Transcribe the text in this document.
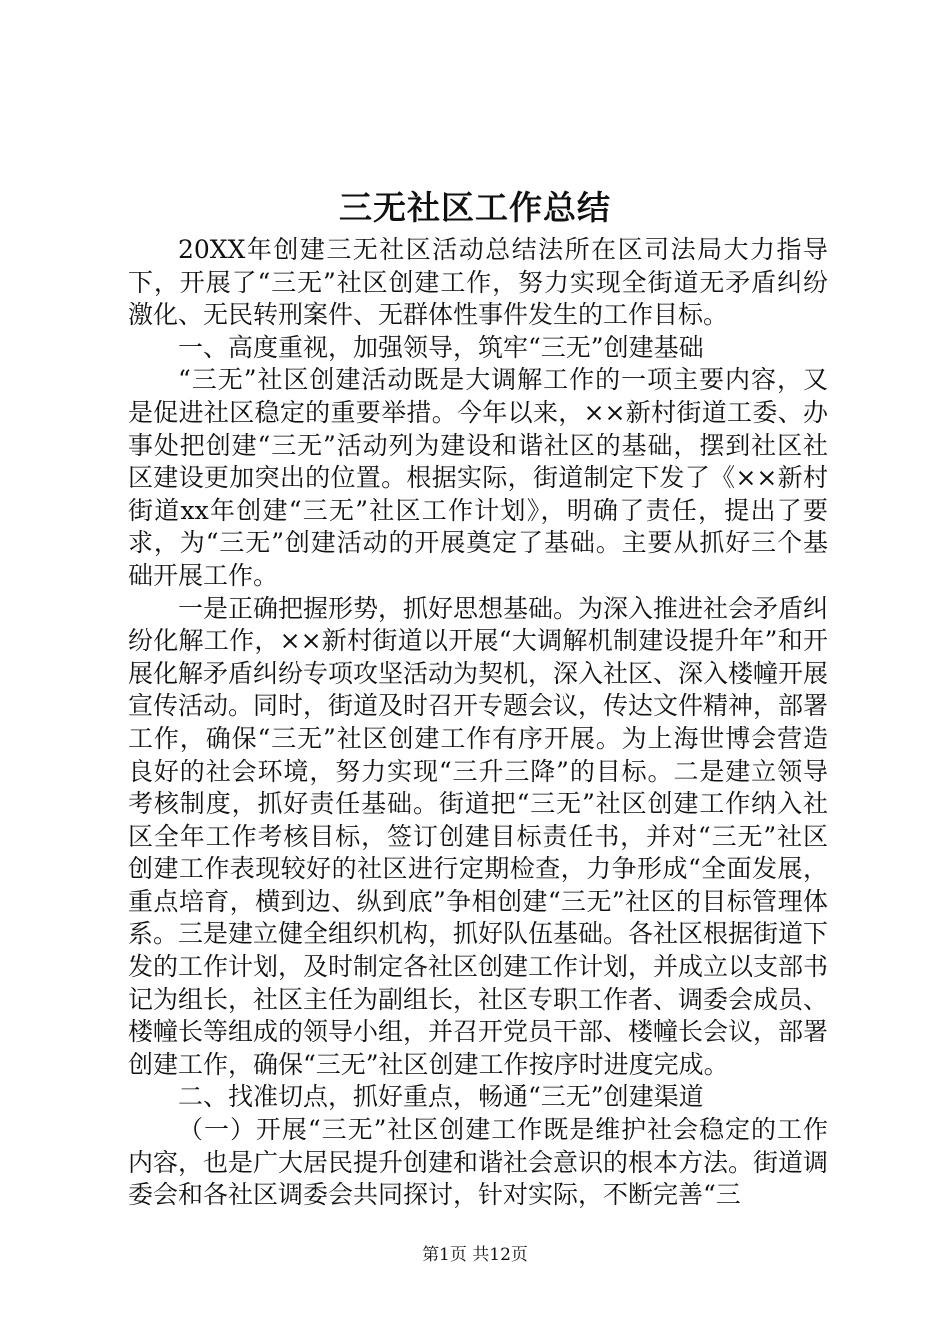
三无社区工作总结

20XX年创建三无社区活动总结法所在区司法局大力指导下，开展了“三无”社区创建工作，努力实现全街道无矛盾纠纷激化、无民转刑案件、无群体性事件发生的工作目标。

一、高度重视，加强领导，筑牢“三无”创建基础

“三无”社区创建活动既是大调解工作的一项主要内容，又是促进社区稳定的重要举措。今年以来，××新村街道工委、办事处把创建“三无”活动列为建设和谐社区的基础，摆到社区社区建设更加突出的位置。根据实际，街道制定下发了《××新村街道xx年创建“三无”社区工作计划》，明确了责任，提出了要求，为“三无”创建活动的开展奠定了基础。主要从抓好三个基础开展工作。

一是正确把握形势，抓好思想基础。为深入推进社会矛盾纠纷化解工作，××新村街道以开展“大调解机制建设提升年”和开展化解矛盾纠纷专项攻坚活动为契机，深入社区、深入楼幢开展宣传活动。同时，街道及时召开专题会议，传达文件精神，部署工作，确保“三无”社区创建工作有序开展。为上海世博会营造良好的社会环境，努力实现“三升三降”的目标。二是建立领导考核制度，抓好责任基础。街道把“三无”社区创建工作纳入社区全年工作考核目标，签订创建目标责任书，并对“三无”社区创建工作表现较好的社区进行定期检查，力争形成“全面发展，重点培育，横到边、纵到底”争相创建“三无”社区的目标管理体系。三是建立健全组织机构，抓好队伍基础。各社区根据街道下发的工作计划，及时制定各社区创建工作计划，并成立以支部书记为组长，社区主任为副组长，社区专职工作者、调委会成员、楼幢长等组成的领导小组，并召开党员干部、楼幢长会议，部署创建工作，确保“三无”社区创建工作按序时进度完成。

二、找准切点，抓好重点，畅通“三无”创建渠道

（一）开展“三无”社区创建工作既是维护社会稳定的工作内容，也是广大居民提升创建和谐社会意识的根本方法。街道调委会和各社区调委会共同探讨，针对实际，不断完善“三

第1页 共12页
